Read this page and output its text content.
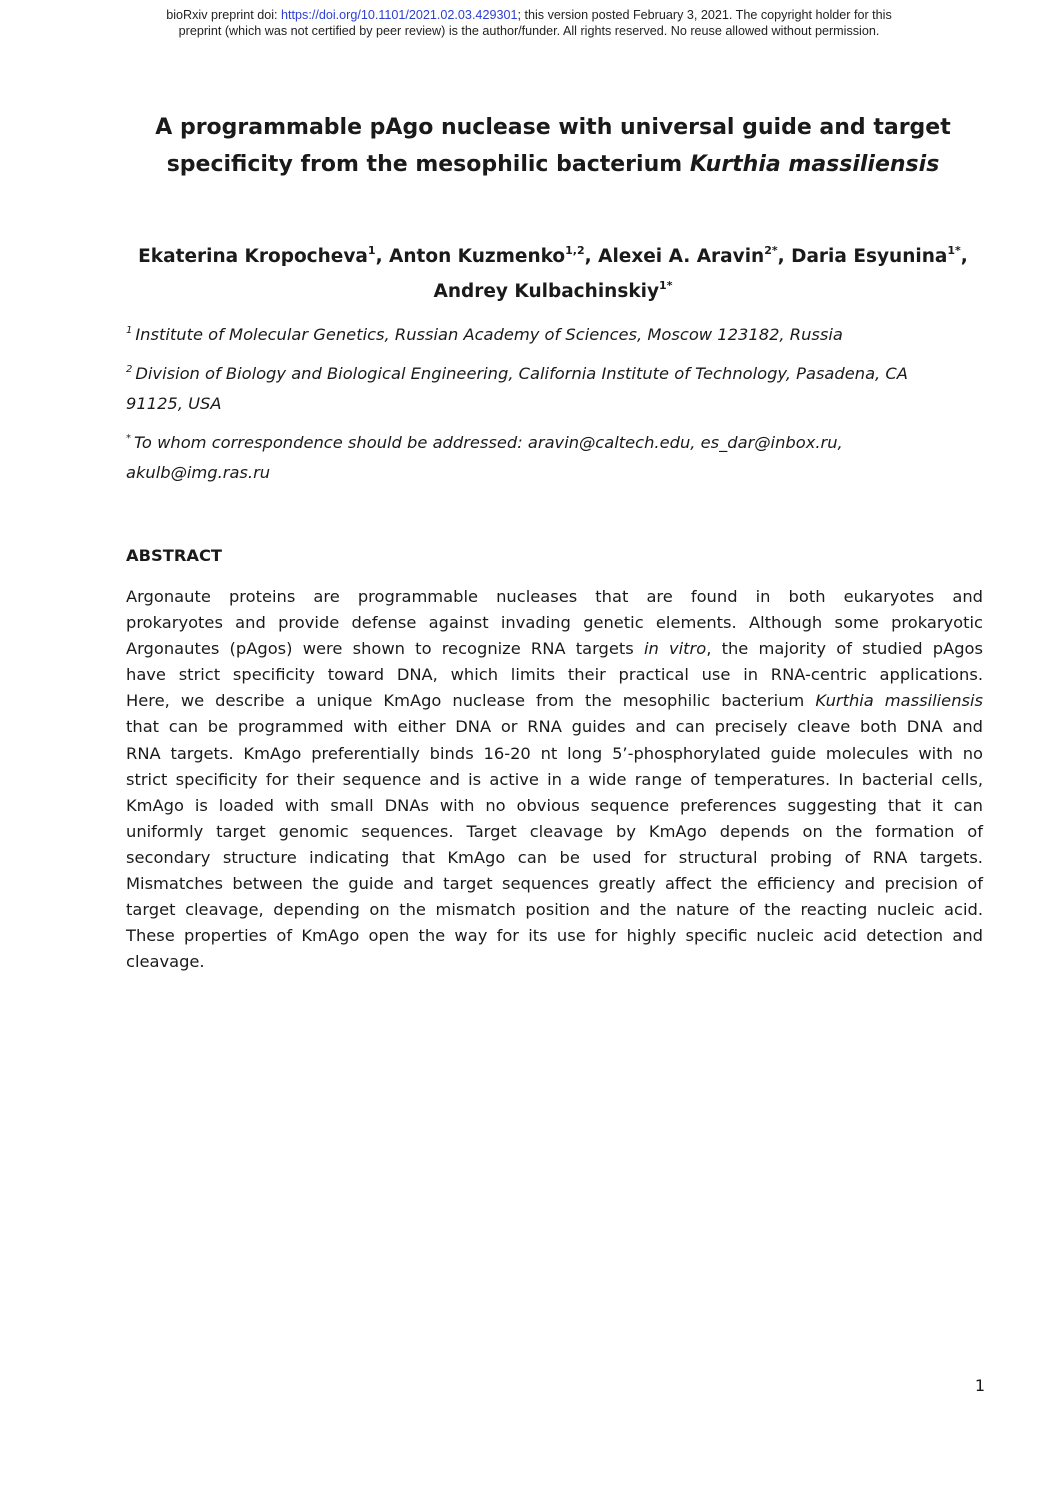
bioRxiv preprint doi: https://doi.org/10.1101/2021.02.03.429301; this version posted February 3, 2021. The copyright holder for this
preprint (which was not certified by peer review) is the author/funder. All rights reserved. No reuse allowed without permission.
A programmable pAgo nuclease with universal guide and target
specificity from the mesophilic bacterium Kurthia massiliensis
Ekaterina Kropocheva$^1$, Anton Kuzmenko$^{1,2}$, Alexei A. Aravin$^{2*}$, Daria Esyunina$^{1*}$,
Andrey Kulbachinskiy$^{1*}$
$^1$ Institute of Molecular Genetics, Russian Academy of Sciences, Moscow 123182, Russia
$^2$ Division of Biology and Biological Engineering, California Institute of Technology, Pasadena, CA
91125, USA
* To whom correspondence should be addressed: aravin@caltech.edu, es_dar@inbox.ru,
akulb@img.ras.ru
ABSTRACT
Argonaute proteins are programmable nucleases that are found in both eukaryotes and
prokaryotes and provide defense against invading genetic elements. Although some prokaryotic
Argonautes (pAgos) were shown to recognize RNA targets in vitro, the majority of studied pAgos
have strict specificity toward DNA, which limits their practical use in RNA-centric applications.
Here, we describe a unique KmAgo nuclease from the mesophilic bacterium Kurthia massiliensis
that can be programmed with either DNA or RNA guides and can precisely cleave both DNA and
RNA targets. KmAgo preferentially binds 16-20 nt long 5’-phosphorylated guide molecules with no
strict specificity for their sequence and is active in a wide range of temperatures. In bacterial cells,
KmAgo is loaded with small DNAs with no obvious sequence preferences suggesting that it can
uniformly target genomic sequences. Target cleavage by KmAgo depends on the formation of
secondary structure indicating that KmAgo can be used for structural probing of RNA targets.
Mismatches between the guide and target sequences greatly affect the efficiency and precision of
target cleavage, depending on the mismatch position and the nature of the reacting nucleic acid.
These properties of KmAgo open the way for its use for highly specific nucleic acid detection and
cleavage.
1
